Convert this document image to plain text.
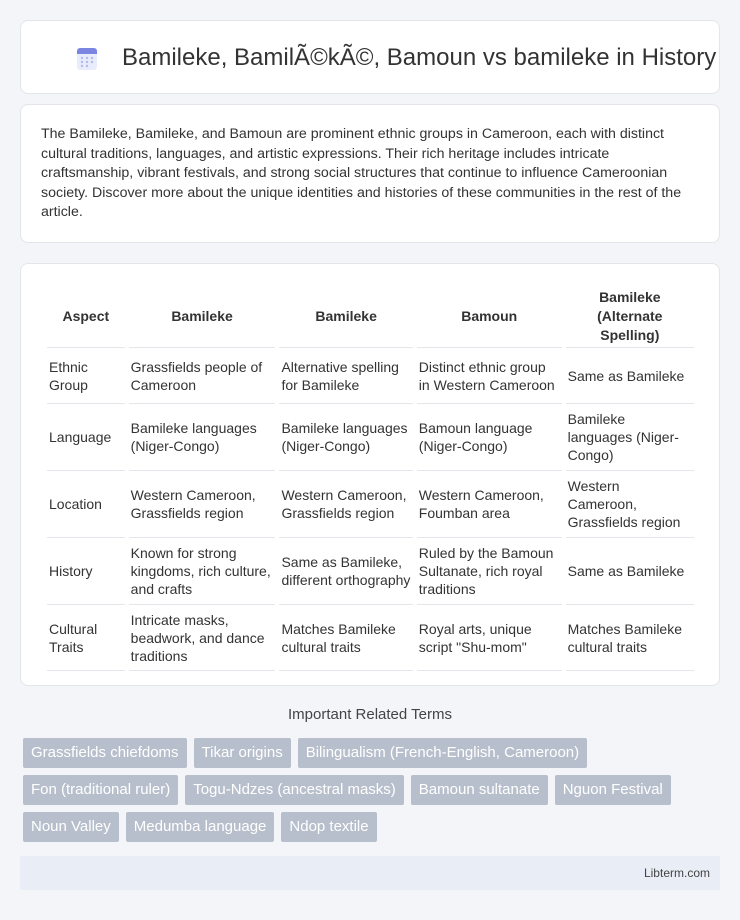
Bamileke, BamilÃ©kÃ©, Bamoun vs bamileke in History

The Bamileke, Bamileke, and Bamoun are prominent ethnic groups in Cameroon, each with distinct cultural traditions, languages, and artistic expressions. Their rich heritage includes intricate craftsmanship, vibrant festivals, and strong social structures that continue to influence Cameroonian society. Discover more about the unique identities and histories of these communities in the rest of the article.

Aspect	Bamileke	Bamileke	Bamoun	Bamileke (Alternate Spelling)
Ethnic Group	Grassfields people of Cameroon	Alternative spelling for Bamileke	Distinct ethnic group in Western Cameroon	Same as Bamileke
Language	Bamileke languages (Niger-Congo)	Bamileke languages (Niger-Congo)	Bamoun language (Niger-Congo)	Bamileke languages (Niger-Congo)
Location	Western Cameroon, Grassfields region	Western Cameroon, Grassfields region	Western Cameroon, Foumban area	Western Cameroon, Grassfields region
History	Known for strong kingdoms, rich culture, and crafts	Same as Bamileke, different orthography	Ruled by the Bamoun Sultanate, rich royal traditions	Same as Bamileke
Cultural Traits	Intricate masks, beadwork, and dance traditions	Matches Bamileke cultural traits	Royal arts, unique script "Shu-mom"	Matches Bamileke cultural traits
Important Related Terms
Grassfields chiefdoms	Tikar origins	Bilingualism (French-English, Cameroon)
Fon (traditional ruler)	Togu-Ndzes (ancestral masks)	Bamoun sultanate	Nguon Festival
Noun Valley	Medumba language	Ndop textile
Libterm.com
